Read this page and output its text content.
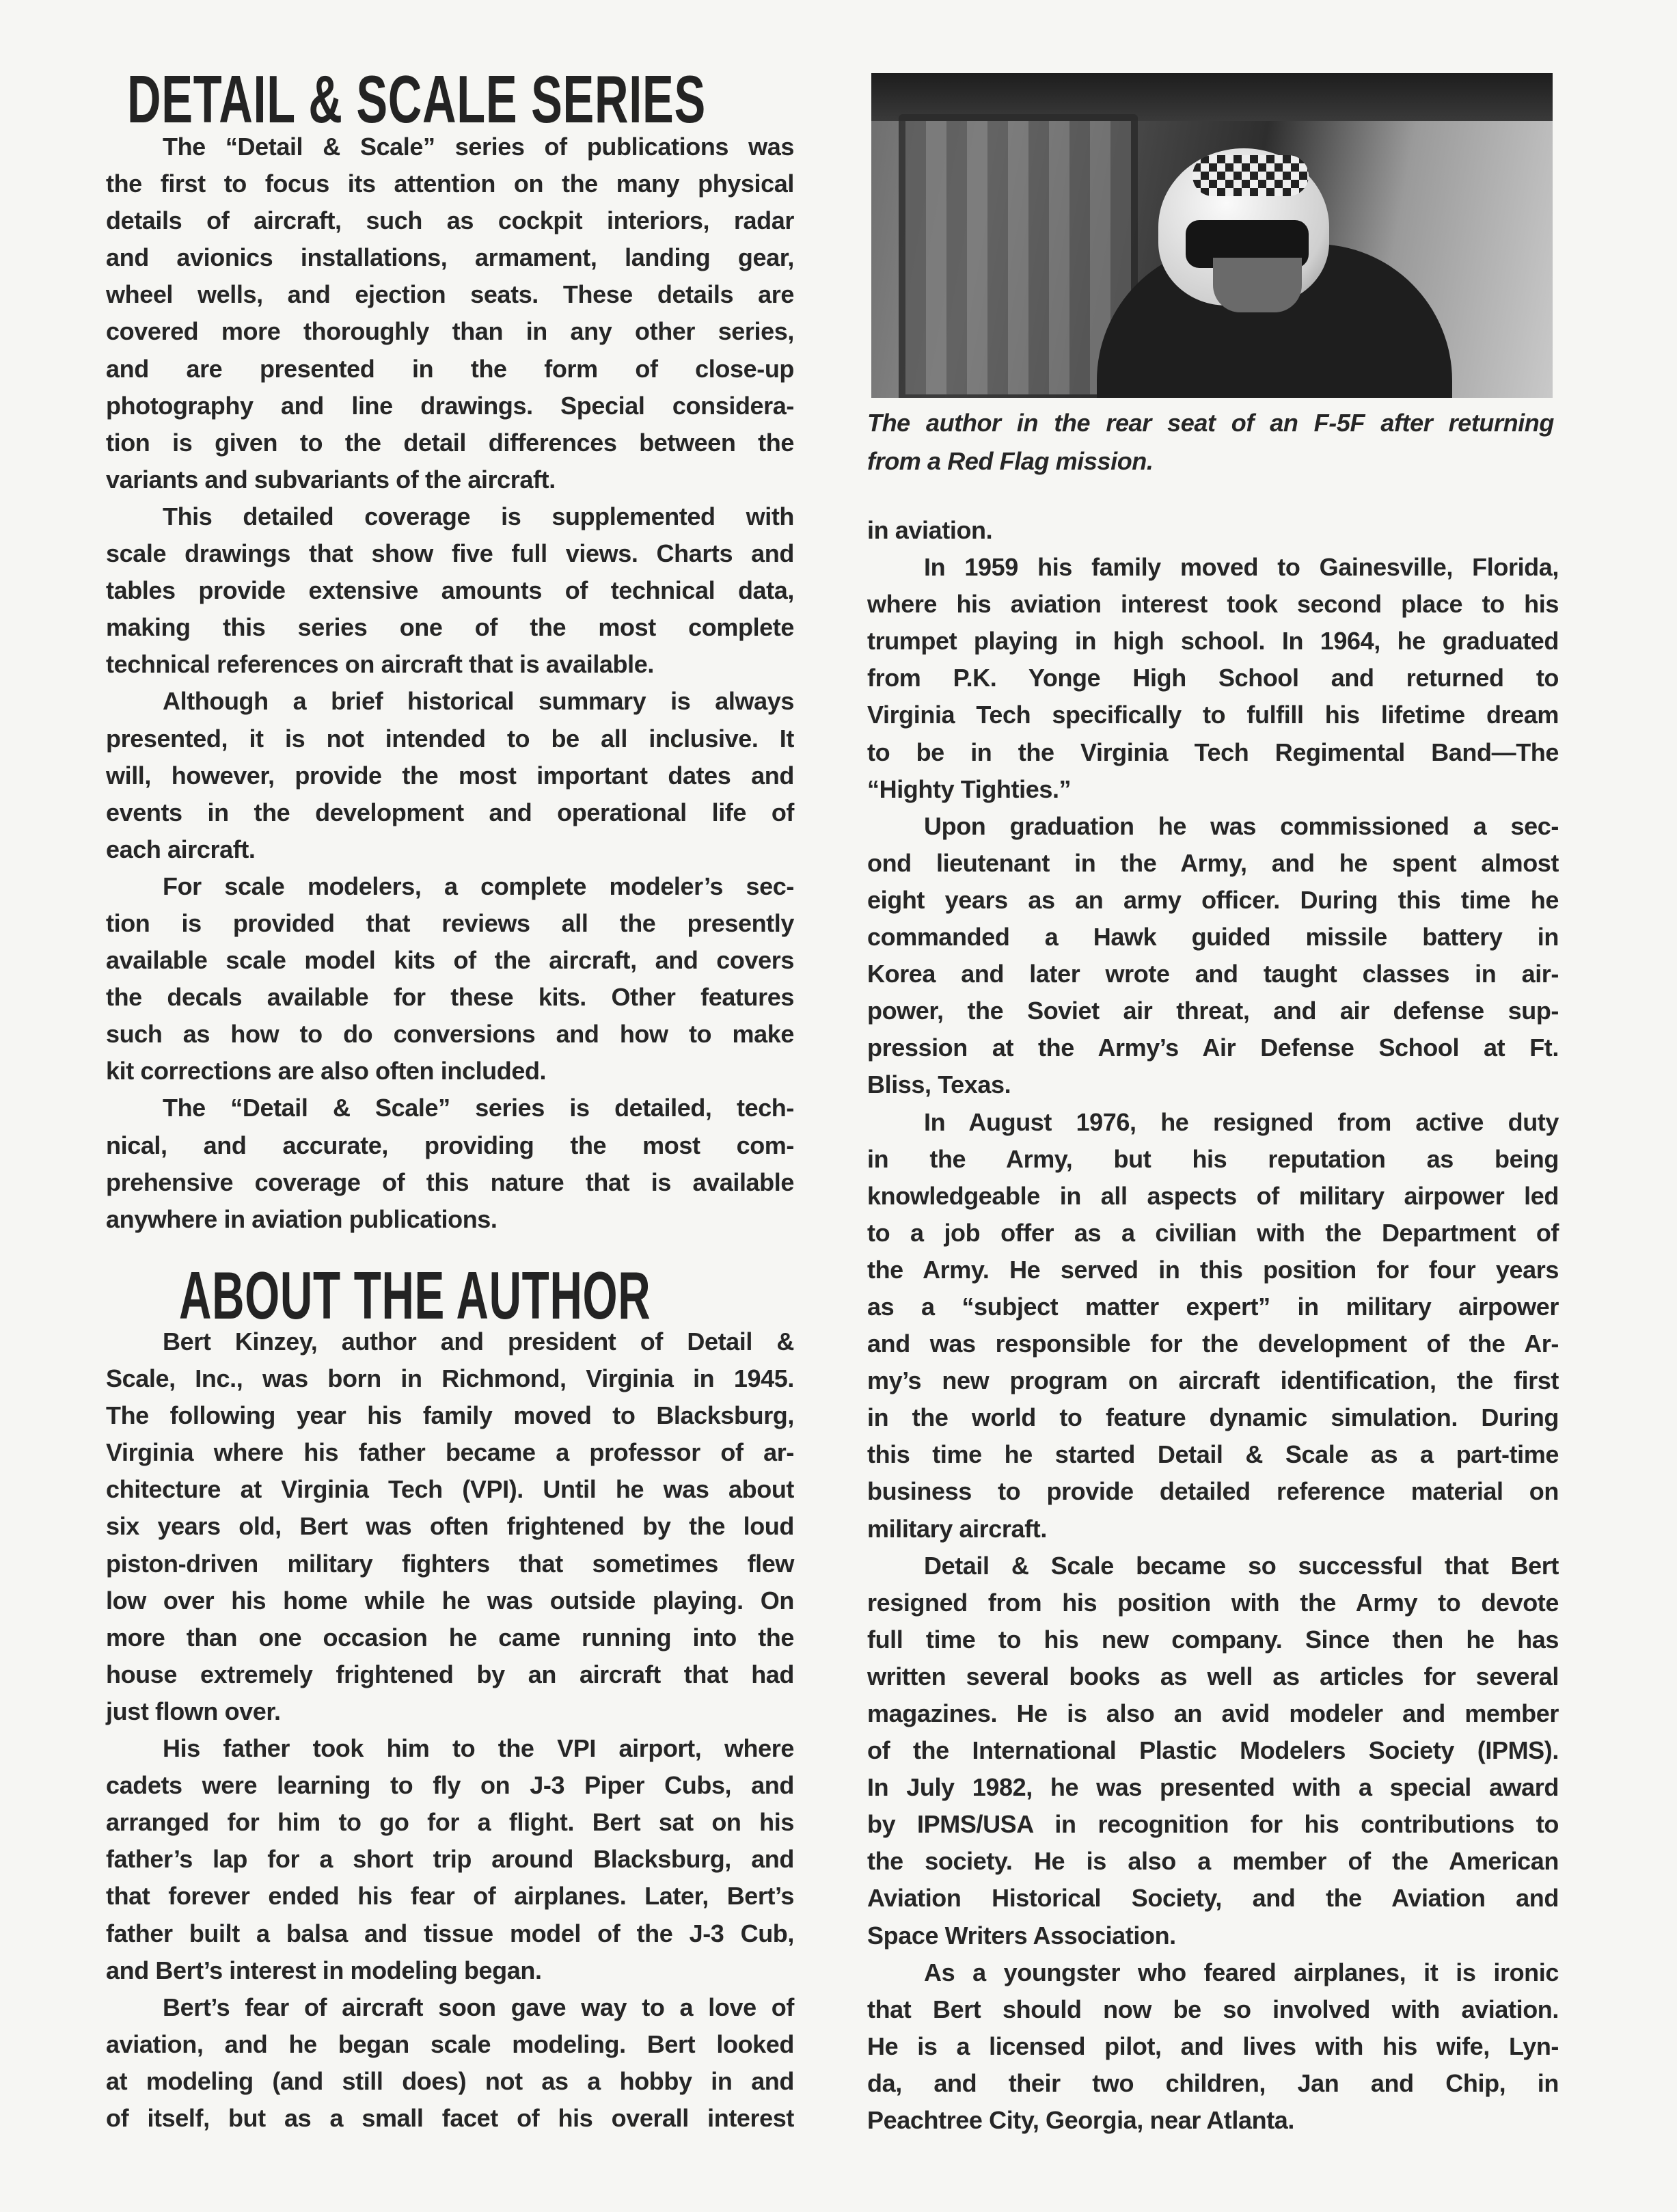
DETAIL & SCALE SERIES
The “Detail & Scale” series of publications was
the first to focus its attention on the many physical
details of aircraft, such as cockpit interiors, radar
and avionics installations, armament, landing gear,
wheel wells, and ejection seats. These details are
covered more thoroughly than in any other series,
and are presented in the form of close-up
photography and line drawings. Special considera-
tion is given to the detail differences between the
variants and subvariants of the aircraft.
This detailed coverage is supplemented with
scale drawings that show five full views. Charts and
tables provide extensive amounts of technical data,
making this series one of the most complete
technical references on aircraft that is available.
Although a brief historical summary is always
presented, it is not intended to be all inclusive. It
will, however, provide the most important dates and
events in the development and operational life of
each aircraft.
For scale modelers, a complete modeler’s sec-
tion is provided that reviews all the presently
available scale model kits of the aircraft, and covers
the decals available for these kits. Other features
such as how to do conversions and how to make
kit corrections are also often included.
The “Detail & Scale” series is detailed, tech-
nical, and accurate, providing the most com-
prehensive coverage of this nature that is available
anywhere in aviation publications.
ABOUT THE AUTHOR
Bert Kinzey, author and president of Detail &
Scale, Inc., was born in Richmond, Virginia in 1945.
The following year his family moved to Blacksburg,
Virginia where his father became a professor of ar-
chitecture at Virginia Tech (VPI). Until he was about
six years old, Bert was often frightened by the loud
piston-driven military fighters that sometimes flew
low over his home while he was outside playing. On
more than one occasion he came running into the
house extremely frightened by an aircraft that had
just flown over.
His father took him to the VPI airport, where
cadets were learning to fly on J-3 Piper Cubs, and
arranged for him to go for a flight. Bert sat on his
father’s lap for a short trip around Blacksburg, and
that forever ended his fear of airplanes. Later, Bert’s
father built a balsa and tissue model of the J-3 Cub,
and Bert’s interest in modeling began.
Bert’s fear of aircraft soon gave way to a love of
aviation, and he began scale modeling. Bert looked
at modeling (and still does) not as a hobby in and
of itself, but as a small facet of his overall interest
The author in the rear seat of an F-5F after returning
from a Red Flag mission.
in aviation.
In 1959 his family moved to Gainesville, Florida,
where his aviation interest took second place to his
trumpet playing in high school. In 1964, he graduated
from P.K. Yonge High School and returned to
Virginia Tech specifically to fulfill his lifetime dream
to be in the Virginia Tech Regimental Band—The
“Highty Tighties.”
Upon graduation he was commissioned a sec-
ond lieutenant in the Army, and he spent almost
eight years as an army officer. During this time he
commanded a Hawk guided missile battery in
Korea and later wrote and taught classes in air-
power, the Soviet air threat, and air defense sup-
pression at the Army’s Air Defense School at Ft.
Bliss, Texas.
In August 1976, he resigned from active duty
in the Army, but his reputation as being
knowledgeable in all aspects of military airpower led
to a job offer as a civilian with the Department of
the Army. He served in this position for four years
as a “subject matter expert” in military airpower
and was responsible for the development of the Ar-
my’s new program on aircraft identification, the first
in the world to feature dynamic simulation. During
this time he started Detail & Scale as a part-time
business to provide detailed reference material on
military aircraft.
Detail & Scale became so successful that Bert
resigned from his position with the Army to devote
full time to his new company. Since then he has
written several books as well as articles for several
magazines. He is also an avid modeler and member
of the International Plastic Modelers Society (IPMS).
In July 1982, he was presented with a special award
by IPMS/USA in recognition for his contributions to
the society. He is also a member of the American
Aviation Historical Society, and the Aviation and
Space Writers Association.
As a youngster who feared airplanes, it is ironic
that Bert should now be so involved with aviation.
He is a licensed pilot, and lives with his wife, Lyn-
da, and their two children, Jan and Chip, in
Peachtree City, Georgia, near Atlanta.
